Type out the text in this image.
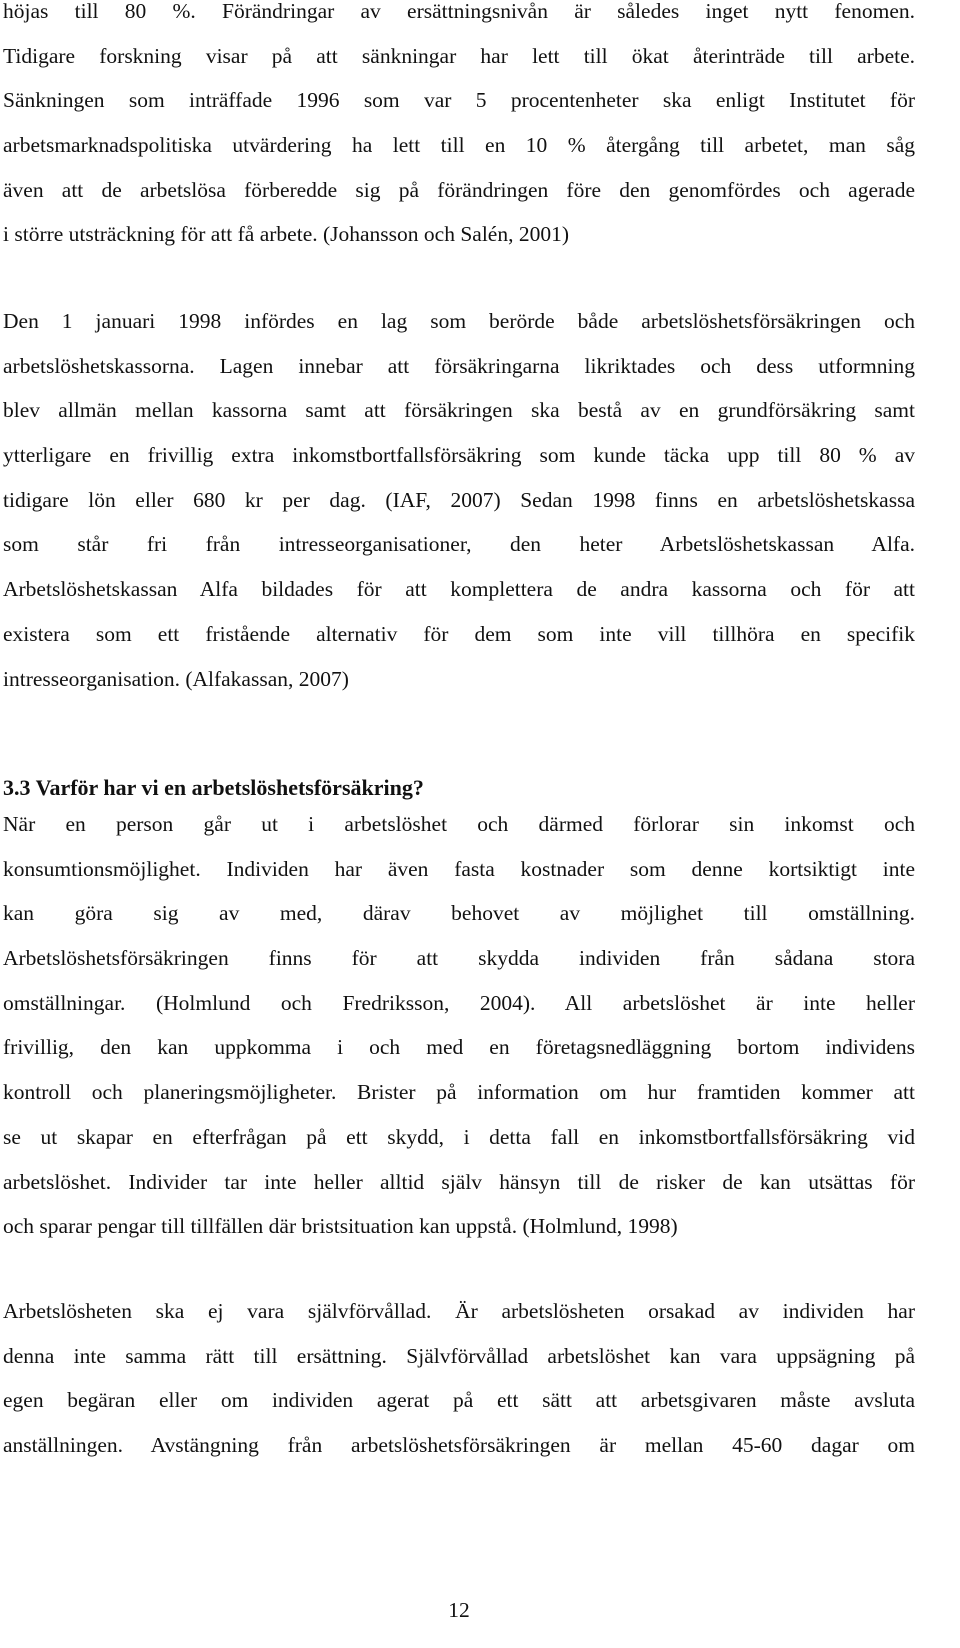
höjas till 80 %. Förändringar av ersättningsnivån är således inget nytt fenomen.
Tidigare forskning visar på att sänkningar har lett till ökat återinträde till arbete.
Sänkningen som inträffade 1996 som var 5 procentenheter ska enligt Institutet för
arbetsmarknadspolitiska utvärdering ha lett till en 10 % återgång till arbetet, man såg
även att de arbetslösa förberedde sig på förändringen före den genomfördes och agerade
i större utsträckning för att få arbete. (Johansson och Salén, 2001)
Den 1 januari 1998 infördes en lag som berörde både arbetslöshetsförsäkringen och
arbetslöshetskassorna. Lagen innebar att försäkringarna likriktades och dess utformning
blev allmän mellan kassorna samt att försäkringen ska bestå av en grundförsäkring samt
ytterligare en frivillig extra inkomstbortfallsförsäkring som kunde täcka upp till 80 % av
tidigare lön eller 680 kr per dag. (IAF, 2007) Sedan 1998 finns en arbetslöshetskassa
som står fri från intresseorganisationer, den heter Arbetslöshetskassan Alfa.
Arbetslöshetskassan Alfa bildades för att komplettera de andra kassorna och för att
existera som ett fristående alternativ för dem som inte vill tillhöra en specifik
intresseorganisation. (Alfakassan, 2007)
3.3 Varför har vi en arbetslöshetsförsäkring?
När en person går ut i arbetslöshet och därmed förlorar sin inkomst och
konsumtionsmöjlighet. Individen har även fasta kostnader som denne kortsiktigt inte
kan göra sig av med, därav behovet av möjlighet till omställning.
Arbetslöshetsförsäkringen finns för att skydda individen från sådana stora
omställningar. (Holmlund och Fredriksson, 2004). All arbetslöshet är inte heller
frivillig, den kan uppkomma i och med en företagsnedläggning bortom individens
kontroll och planeringsmöjligheter. Brister på information om hur framtiden kommer att
se ut skapar en efterfrågan på ett skydd, i detta fall en inkomstbortfallsförsäkring vid
arbetslöshet. Individer tar inte heller alltid själv hänsyn till de risker de kan utsättas för
och sparar pengar till tillfällen där bristsituation kan uppstå. (Holmlund, 1998)
Arbetslösheten ska ej vara självförvållad. Är arbetslösheten orsakad av individen har
denna inte samma rätt till ersättning. Självförvållad arbetslöshet kan vara uppsägning på
egen begäran eller om individen agerat på ett sätt att arbetsgivaren måste avsluta
anställningen. Avstängning från arbetslöshetsförsäkringen är mellan 45-60 dagar om
12
